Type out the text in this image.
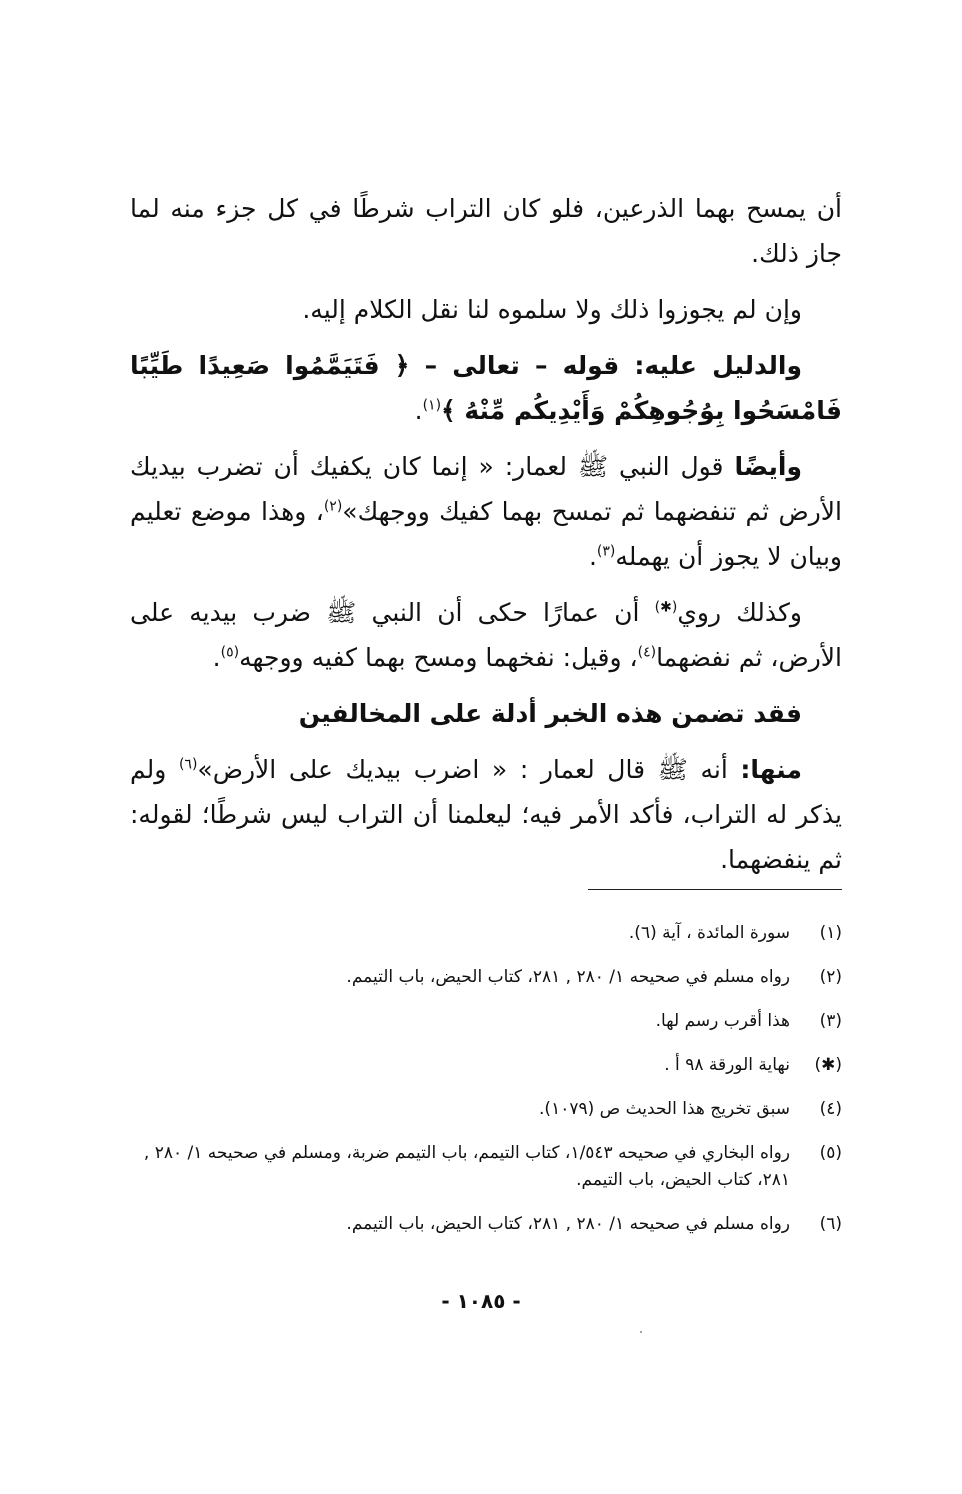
أن يمسح بهما الذرعين، فلو كان التراب شرطًا في كل جزء منه لما جاز ذلك.

وإن لم يجوزوا ذلك ولا سلموه لنا نقل الكلام إليه.

والدليل عليه: قوله – تعالى – ﴿ فَتَيَمَّمُوا صَعِيدًا طَيِّبًا فَامْسَحُوا بِوُجُوهِكُمْ وَأَيْدِيكُم مِّنْهُ ﴾$^{(١)}$.

وأيضًا قول النبي ﷺ لعمار: « إنما كان يكفيك أن تضرب بيديك الأرض ثم تنفضهما ثم تمسح بهما كفيك ووجهك»$^{(٢)}$، وهذا موضع تعليم وبيان لا يجوز أن يهمله$^{(٣)}$.

وكذلك روي(✱) أن عمارًا حكى أن النبي ﷺ ضرب بيديه على الأرض، ثم نفضهما$^{(٤)}$، وقيل: نفخهما ومسح بهما كفيه ووجهه$^{(٥)}$.

فقد تضمن هذه الخبر أدلة على المخالفين

منها: أنه ﷺ قال لعمار : « اضرب بيديك على الأرض»$^{(٦)}$ ولم يذكر له التراب، فأكد الأمر فيه؛ ليعلمنا أن التراب ليس شرطًا؛ لقوله: ثم ينفضهما.

(١)
سورة المائدة ، آية (٦).
(٢)
رواه مسلم في صحيحه ١/ ٢٨٠ , ٢٨١، كتاب الحيض، باب التيمم.
(٣)
هذا أقرب رسم لها.
(✱)
نهاية الورقة ٩٨ أ .
(٤)
سبق تخريج هذا الحديث ص (١٠٧٩).
(٥)
رواه البخاري في صحيحه ١/٥٤٣، كتاب التيمم، باب التيمم ضربة، ومسلم في صحيحه ١/ ٢٨٠ , ٢٨١، كتاب الحيض، باب التيمم.
(٦)
رواه مسلم في صحيحه ١/ ٢٨٠ , ٢٨١، كتاب الحيض، باب التيمم.
- ١٠٨٥ -
